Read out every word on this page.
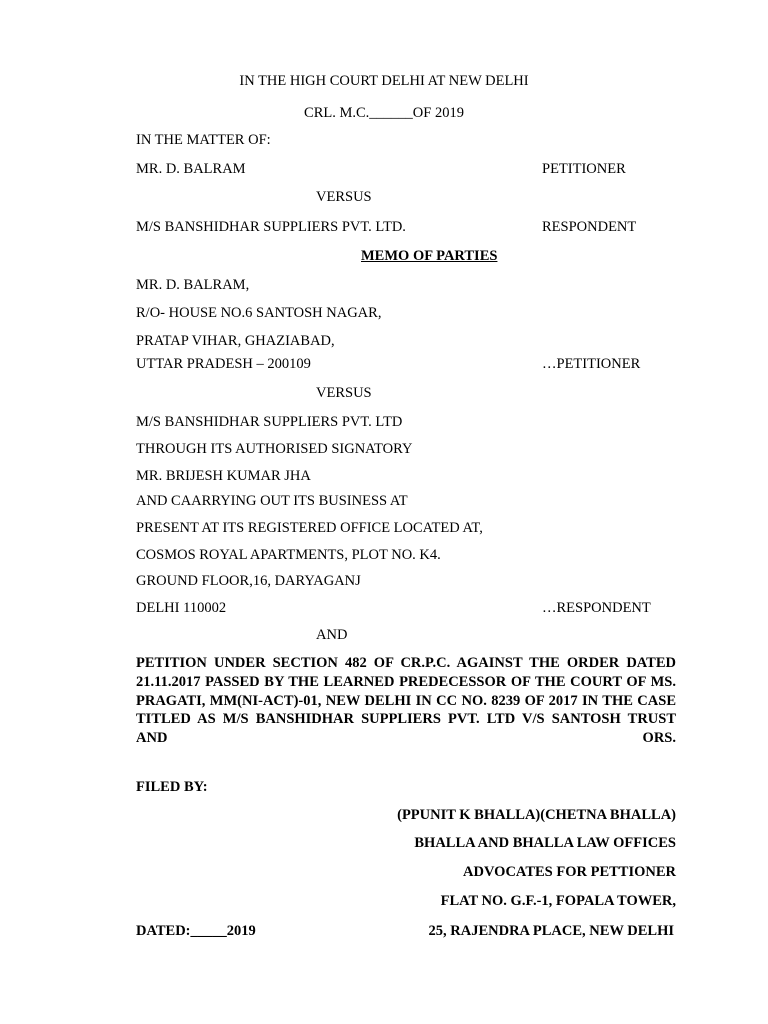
IN THE HIGH COURT DELHI AT NEW DELHI
CRL. M.C.______OF 2019
IN THE MATTER OF:
MR. D. BALRAM	PETITIONER
VERSUS
M/S BANSHIDHAR SUPPLIERS PVT. LTD.	RESPONDENT
MEMO OF PARTIES
MR. D. BALRAM,
R/O- HOUSE NO.6 SANTOSH NAGAR,
PRATAP VIHAR, GHAZIABAD,
UTTAR PRADESH – 200109	…PETITIONER
VERSUS
M/S BANSHIDHAR SUPPLIERS PVT. LTD
THROUGH ITS AUTHORISED SIGNATORY
MR. BRIJESH KUMAR JHA
AND CAARRYING OUT ITS BUSINESS AT
PRESENT AT ITS REGISTERED OFFICE LOCATED AT,
COSMOS ROYAL APARTMENTS, PLOT NO. K4.
GROUND FLOOR,16, DARYAGANJ
DELHI 110002	…RESPONDENT
AND
PETITION UNDER SECTION 482 OF CR.P.C. AGAINST THE ORDER DATED 21.11.2017 PASSED BY THE LEARNED PREDECESSOR OF THE COURT OF MS. PRAGATI, MM(NI-ACT)-01, NEW DELHI IN CC NO. 8239 OF 2017 IN THE CASE TITLED AS M/S BANSHIDHAR SUPPLIERS PVT. LTD V/S SANTOSH TRUST AND ORS.
FILED BY:
(PPUNIT K BHALLA)(CHETNA BHALLA)
BHALLA AND BHALLA LAW OFFICES
ADVOCATES FOR PETTIONER
FLAT NO. G.F.-1, FOPALA TOWER,
DATED:_____2019	25, RAJENDRA PLACE, NEW DELHI
